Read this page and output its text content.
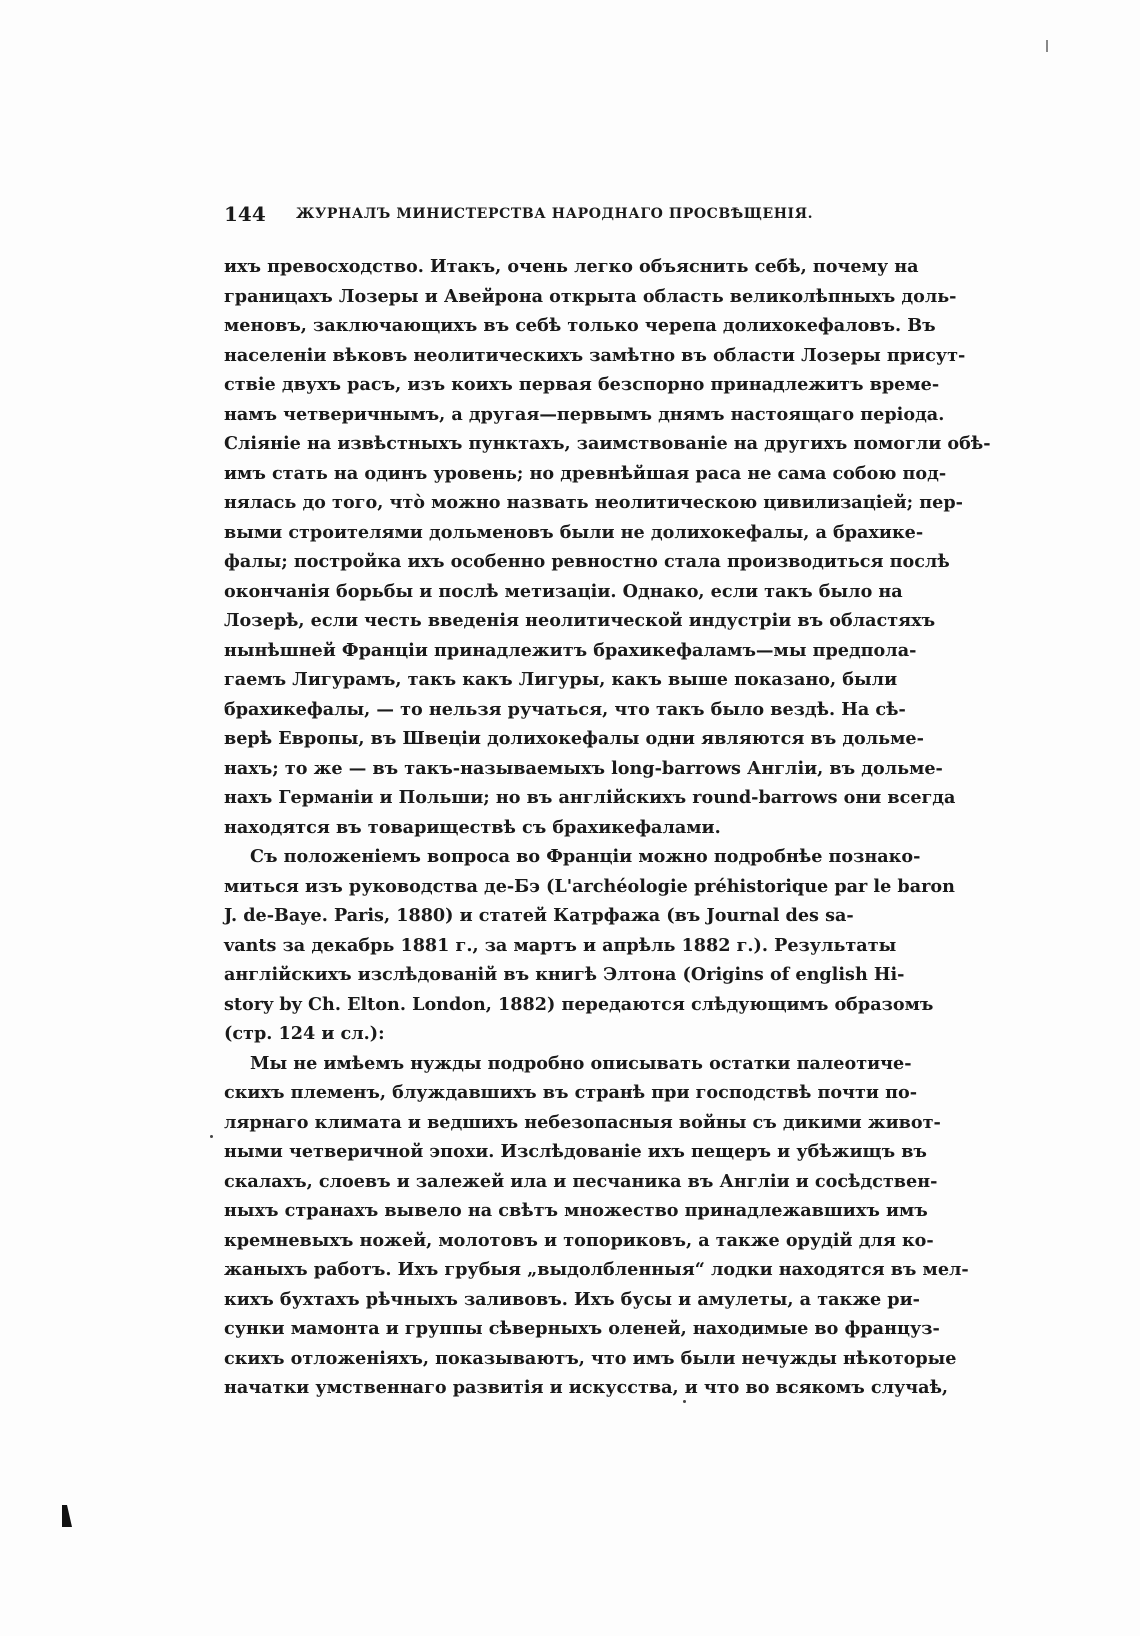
144 ЖУРНАЛЪ МИНИСТЕРСТВА НАРОДНАГО ПРОСВѢЩЕНІЯ.
ихъ превосходство. Итакъ, очень легко объяснить себѣ, почему на
границахъ Лозеры и Авейрона открыта область великолѣпныхъ доль-
меновъ, заключающихъ въ себѣ только черепа долихокефаловъ. Въ
населеніи вѣковъ неолитическихъ замѣтно въ области Лозеры присут-
ствіе двухъ расъ, изъ коихъ первая безспорно принадлежитъ време-
намъ четверичнымъ, а другая—первымъ днямъ настоящаго періода.
Сліяніе на извѣстныхъ пунктахъ, заимствованіе на другихъ помогли обѣ-
имъ стать на одинъ уровень; но древнѣйшая раса не сама собою под-
нялась до того, что̀ можно назвать неолитическою цивилизаціей; пер-
выми строителями дольменовъ были не долихокефалы, а брахике-
фалы; постройка ихъ особенно ревностно стала производиться послѣ
окончанія борьбы и послѣ метизаціи. Однако, если такъ было на
Лозерѣ, если честь введенія неолитической индустріи въ областяхъ
нынѣшней Франціи принадлежитъ брахикефаламъ—мы предпола-
гаемъ Лигурамъ, такъ какъ Лигуры, какъ выше показано, были
брахикефалы, — то нельзя ручаться, что такъ было вездѣ. На сѣ-
верѣ Европы, въ Швеціи долихокефалы одни являются въ дольме-
нахъ; то же — въ такъ-называемыхъ long-barrows Англіи, въ дольме-
нахъ Германіи и Польши; но въ англійскихъ round-barrows они всегда
находятся въ товариществѣ съ брахикефалами.
Съ положеніемъ вопроса во Франціи можно подробнѣе познако-
миться изъ руководства де-Бэ (L'archéologie préhistorique par le baron
J. de-Baye. Paris, 1880) и статей Катрфажа (въ Journal des sa-
vants за декабрь 1881 г., за мартъ и апрѣль 1882 г.). Результаты
англійскихъ изслѣдованій въ книгѣ Элтона (Origins of english Hi-
story by Ch. Elton. London, 1882) передаются слѣдующимъ образомъ
(стр. 124 и сл.):
Мы не имѣемъ нужды подробно описывать остатки палеотиче-
скихъ племенъ, блуждавшихъ въ странѣ при господствѣ почти по-
лярнаго климата и ведшихъ небезопасныя войны съ дикими живот-
ными четверичной эпохи. Изслѣдованіе ихъ пещеръ и убѣжищъ въ
скалахъ, слоевъ и залежей ила и песчаника въ Англіи и сосѣдствен-
ныхъ странахъ вывело на свѣтъ множество принадлежавшихъ имъ
кремневыхъ ножей, молотовъ и топориковъ, а также орудій для ко-
жаныхъ работъ. Ихъ грубыя „выдолбленныя“ лодки находятся въ мел-
кихъ бухтахъ рѣчныхъ заливовъ. Ихъ бусы и амулеты, а также ри-
сунки мамонта и группы сѣверныхъ оленей, находимые во француз-
скихъ отложеніяхъ, показываютъ, что имъ были нечужды нѣкоторые
начатки умственнаго развитія и искусства, и что во всякомъ случаѣ,
